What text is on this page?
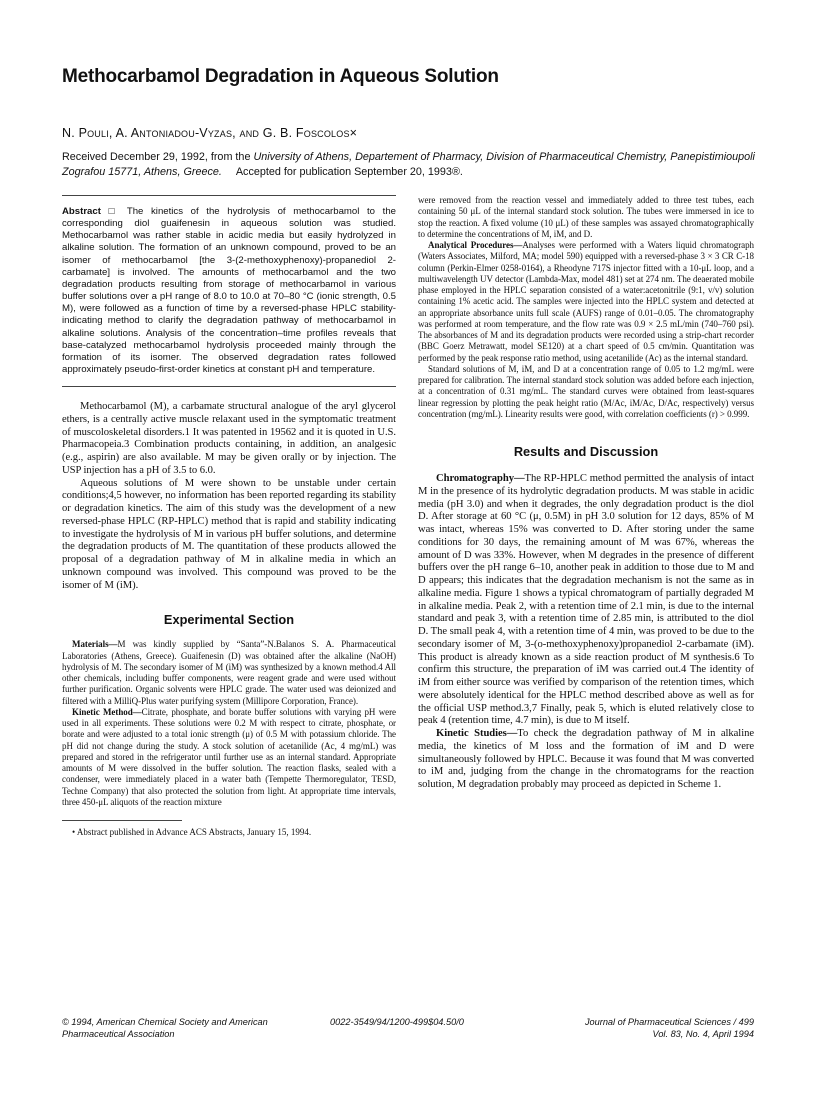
Methocarbamol Degradation in Aqueous Solution
N. Pouli, A. Antoniadou-Vyzas, and G. B. Foscolos×
Received December 29, 1992, from the University of Athens, Departement of Pharmacy, Division of Pharmaceutical Chemistry, Panepistimioupoli Zografou 15771, Athens, Greece. Accepted for publication September 20, 1993®.

Abstract □ The kinetics of the hydrolysis of methocarbamol to the corresponding diol guaifenesin in aqueous solution was studied. Methocarbamol was rather stable in acidic media but easily hydrolyzed in alkaline solution. The formation of an unknown compound, proved to be an isomer of methocarbamol [the 3-(2-methoxyphenoxy)-propanediol 2-carbamate] is involved. The amounts of methocarbamol and the two degradation products resulting from storage of methocarbamol in various buffer solutions over a pH range of 8.0 to 10.0 at 70–80 °C (ionic strength, 0.5 M), were followed as a function of time by a reversed-phase HPLC stability-indicating method to clarify the degradation pathway of methocarbamol in alkaline solutions. Analysis of the concentration–time profiles reveals that base-catalyzed methocarbamol hydrolysis proceeded mainly through the formation of its isomer. The observed degradation rates followed approximately pseudo-first-order kinetics at constant pH and temperature.

Methocarbamol (M), a carbamate structural analogue of the aryl glycerol ethers, is a centrally active muscle relaxant used in the symptomatic treatment of muscoloskeletal disorders.1 It was patented in 19562 and it is quoted in U.S. Pharmacopeia.3 Combination products containing, in addition, an analgesic (e.g., aspirin) are also available. M may be given orally or by injection. The USP injection has a pH of 3.5 to 6.0.

Aqueous solutions of M were shown to be unstable under certain conditions;4,5 however, no information has been reported regarding its stability or degradation kinetics. The aim of this study was the development of a new reversed-phase HPLC (RP-HPLC) method that is rapid and stability indicating to investigate the hydrolysis of M in various pH buffer solutions, and determine the degradation products of M. The quantitation of these products allowed the proposal of a degradation pathway of M in alkaline media in which an unknown compound was involved. This compound was proved to be the isomer of M (iM).

Experimental Section

Materials—M was kindly supplied by “Santa”-N.Balanos S. A. Pharmaceutical Laboratories (Athens, Greece). Guaifenesin (D) was obtained after the alkaline (NaOH) hydrolysis of M. The secondary isomer of M (iM) was synthesized by a known method.4 All other chemicals, including buffer components, were reagent grade and were used without further purification. Organic solvents were HPLC grade. The water used was deionized and filtered with a MilliQ-Plus water purifying system (Millipore Corporation, France).

Kinetic Method—Citrate, phosphate, and borate buffer solutions with varying pH were used in all experiments. These solutions were 0.2 M with respect to citrate, phosphate, or borate and were adjusted to a total ionic strength (μ) of 0.5 M with potassium chloride. The pH did not change during the study. A stock solution of acetanilide (Ac, 4 mg/mL) was prepared and stored in the refrigerator until further use as an internal standard. Appropriate amounts of M were dissolved in the buffer solution. The reaction flasks, sealed with a condenser, were immediately placed in a water bath (Tempette Thermoregulator, TESD, Techne Company) that also protected the solution from light. At appropriate time intervals, three 450-μL aliquots of the reaction mixture

• Abstract published in Advance ACS Abstracts, January 15, 1994.

were removed from the reaction vessel and immediately added to three test tubes, each containing 50 μL of the internal standard stock solution. The tubes were immersed in ice to stop the reaction. A fixed volume (10 μL) of these samples was assayed chromatographically to determine the concentrations of M, iM, and D.

Analytical Procedures—Analyses were performed with a Waters liquid chromatograph (Waters Associates, Milford, MA; model 590) equipped with a reversed-phase 3 × 3 CR C-18 column (Perkin-Elmer 0258-0164), a Rheodyne 717S injector fitted with a 10-μL loop, and a multiwavelength UV detector (Lambda-Max, model 481) set at 274 nm. The deaerated mobile phase employed in the HPLC separation consisted of a water:acetonitrile (9:1, v/v) solution containing 1% acetic acid. The samples were injected into the HPLC system and detected at an appropriate absorbance units full scale (AUFS) range of 0.01–0.05. The chromatography was performed at room temperature, and the flow rate was 0.9 × 2.5 mL/min (740–760 psi). The absorbances of M and its degradation products were recorded using a strip-chart recorder (BBC Goerz Metrawatt, model SE120) at a chart speed of 0.5 cm/min. Quantitation was performed by the peak response ratio method, using acetanilide (Ac) as the internal standard.

Standard solutions of M, iM, and D at a concentration range of 0.05 to 1.2 mg/mL were prepared for calibration. The internal standard stock solution was added before each injection, at a concentration of 0.31 mg/mL. The standard curves were obtained from least-squares linear regression by plotting the peak height ratio (M/Ac, iM/Ac, D/Ac, respectively) versus concentration (mg/mL). Linearity results were good, with correlation coefficients (r) > 0.999.

Results and Discussion

Chromatography—The RP-HPLC method permitted the analysis of intact M in the presence of its hydrolytic degradation products. M was stable in acidic media (pH 3.0) and when it degrades, the only degradation product is the diol D. After storage at 60 °C (μ, 0.5M) in pH 3.0 solution for 12 days, 85% of M was intact, whereas 15% was converted to D. After storing under the same conditions for 30 days, the remaining amount of M was 67%, whereas the amount of D was 33%. However, when M degrades in the presence of different buffers over the pH range 6–10, another peak in addition to those due to M and D appears; this indicates that the degradation mechanism is not the same as in alkaline media. Figure 1 shows a typical chromatogram of partially degraded M in alkaline media. Peak 2, with a retention time of 2.1 min, is due to the internal standard and peak 3, with a retention time of 2.85 min, is attributed to the diol D. The small peak 4, with a retention time of 4 min, was proved to be due to the secondary isomer of M, 3-(o-methoxyphenoxy)propanediol 2-carbamate (iM). This product is already known as a side reaction product of M synthesis.6 To confirm this structure, the preparation of iM was carried out.4 The identity of iM from either source was verified by comparison of the retention times, which were absolutely identical for the HPLC method described above as well as for the official USP method.3,7 Finally, peak 5, which is eluted relatively close to peak 4 (retention time, 4.7 min), is due to M itself.

Kinetic Studies—To check the degradation pathway of M in alkaline media, the kinetics of M loss and the formation of iM and D were simultaneously followed by HPLC. Because it was found that M was converted to iM and, judging from the change in the chromatograms for the reaction solution, M degradation probably may proceed as depicted in Scheme 1.

© 1994, American Chemical Society and American Pharmaceutical Association
0022-3549/94/1200-499$04.50/0	Journal of Pharmaceutical Sciences / 499
Vol. 83, No. 4, April 1994
